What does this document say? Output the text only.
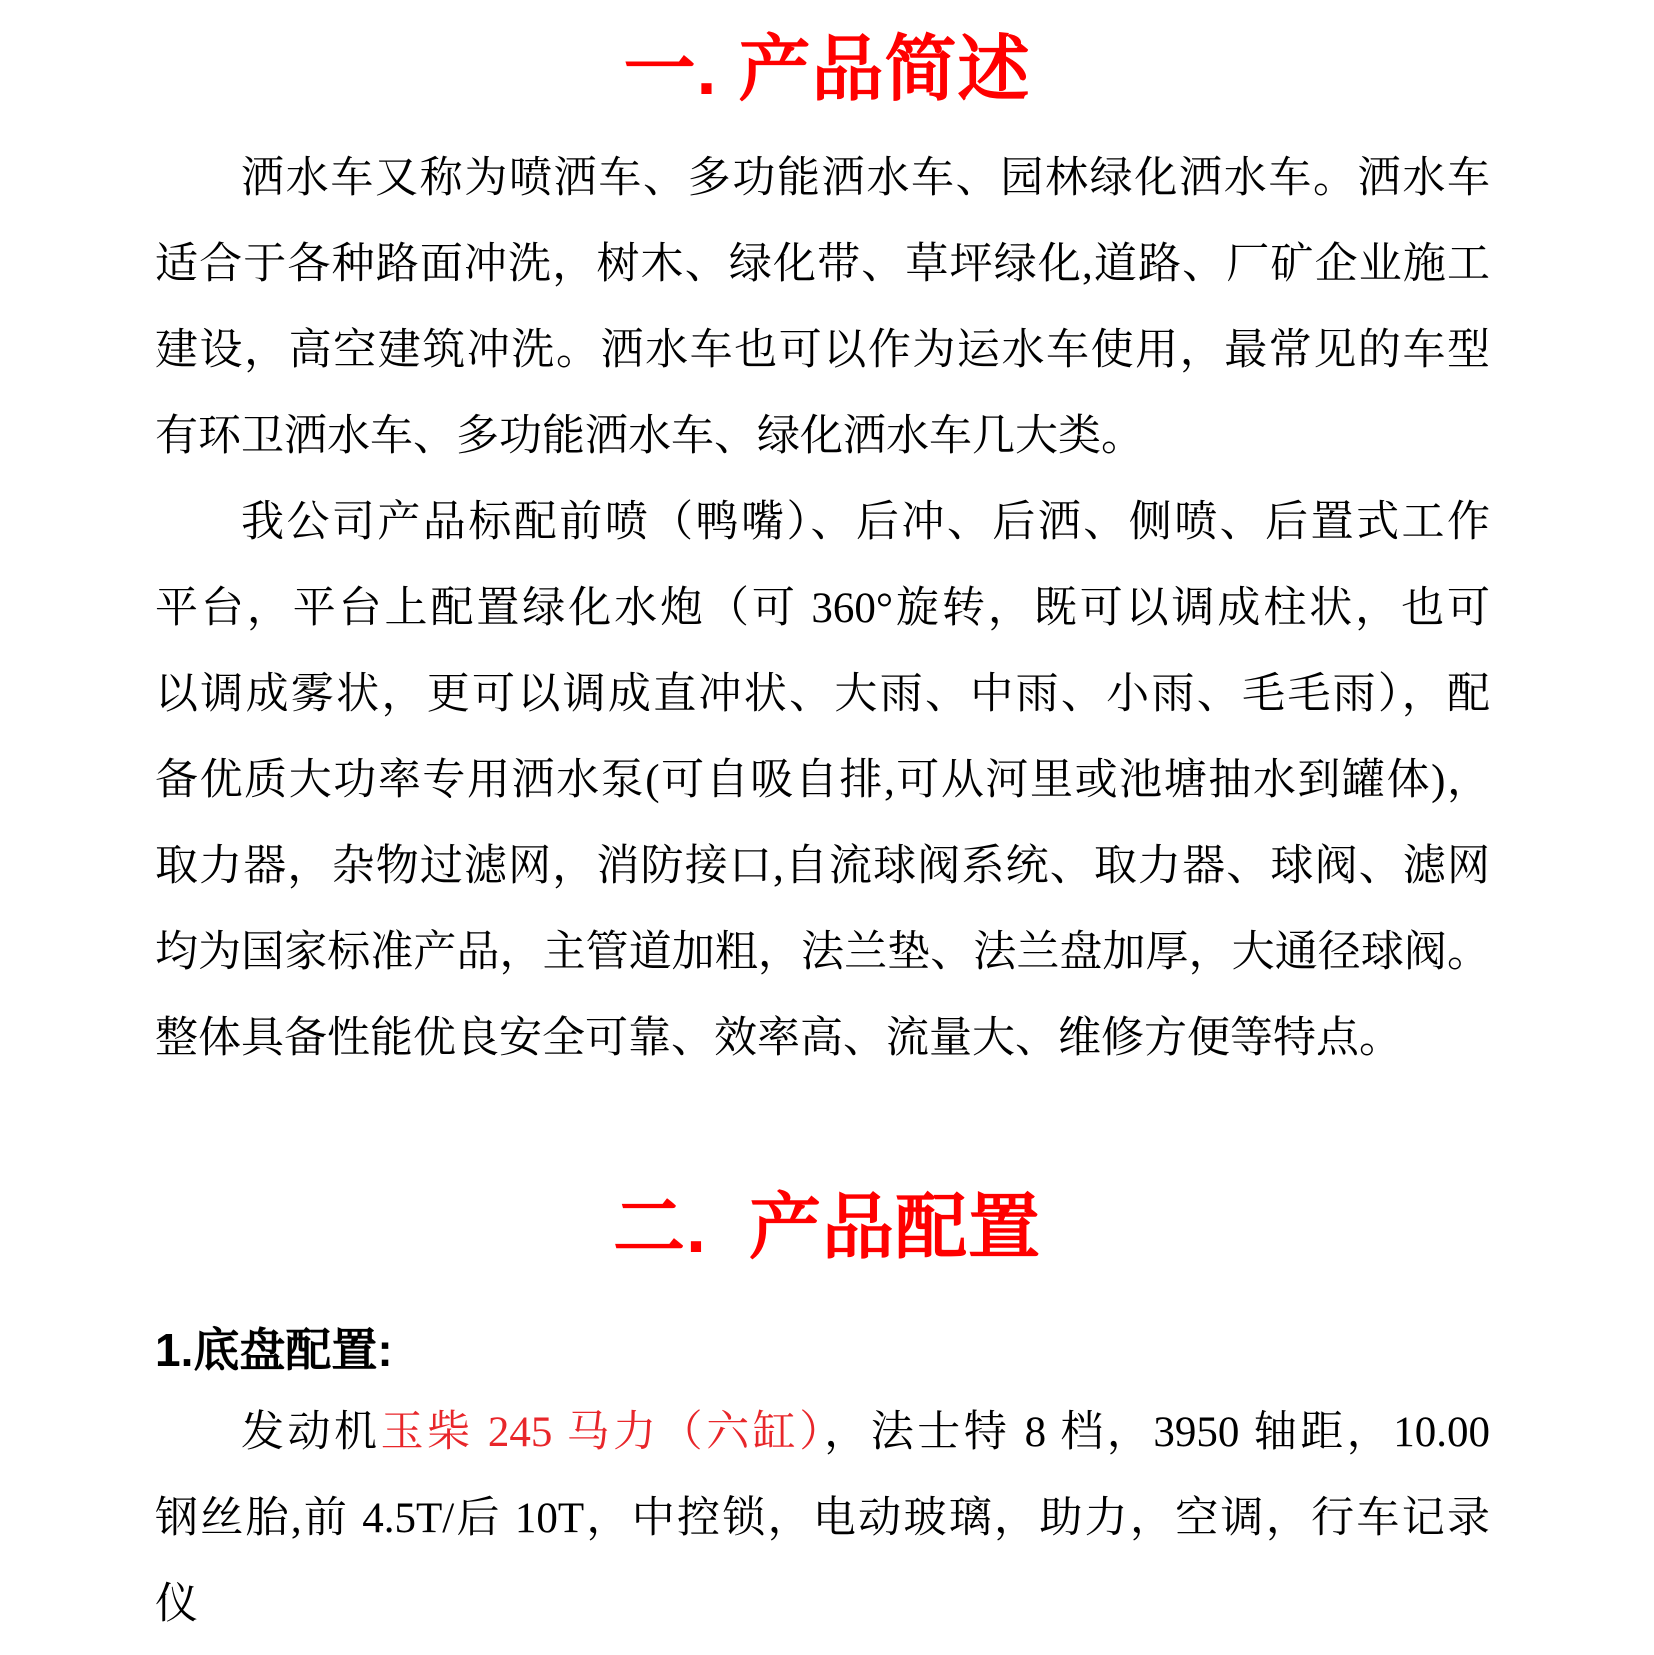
一. 产品简述
洒水车又称为喷洒车、多功能洒水车、园林绿化洒水车。洒水车
适合于各种路面冲洗，树木、绿化带、草坪绿化,道路、厂矿企业施工
建设，高空建筑冲洗。洒水车也可以作为运水车使用，最常见的车型
有环卫洒水车、多功能洒水车、绿化洒水车几大类。
我公司产品标配前喷（鸭嘴）、后冲、后洒、侧喷、后置式工作
平台，平台上配置绿化水炮（可 360°旋转，既可以调成柱状，也可
以调成雾状，更可以调成直冲状、大雨、中雨、小雨、毛毛雨），配
备优质大功率专用洒水泵(可自吸自排,可从河里或池塘抽水到罐体)，
取力器，杂物过滤网，消防接口,自流球阀系统、取力器、球阀、滤网
均为国家标准产品，主管道加粗，法兰垫、法兰盘加厚，大通径球阀。
整体具备性能优良安全可靠、效率高、流量大、维修方便等特点。
二.  产品配置
1.底盘配置:
发动机玉柴 245 马力（六缸），法士特 8 档，3950 轴距，10.00
钢丝胎,前 4.5T/后 10T，中控锁，电动玻璃，助力，空调，行车记录
仪
